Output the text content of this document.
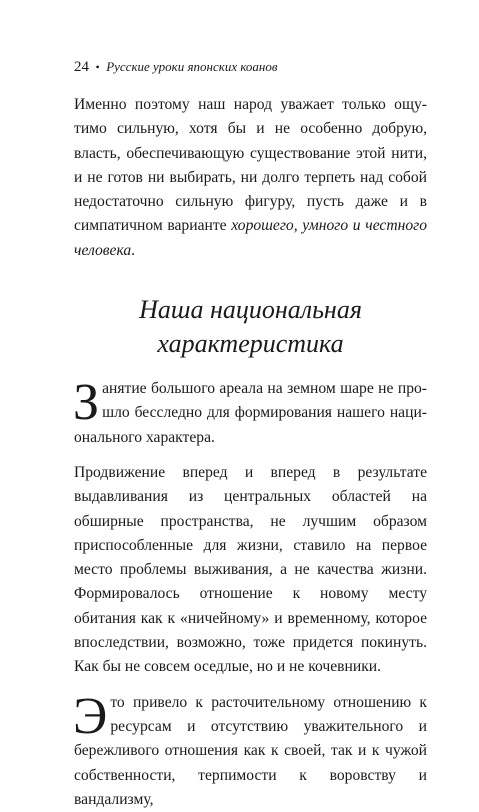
24 • Русские уроки японских коанов

Именно поэтому наш народ уважает только ощутимо сильную, хотя бы и не особенно добрую, власть, обеспечивающую существование этой нити, и не готов ни выбирать, ни долго терпеть над собой недостаточно сильную фигуру, пусть даже и в симпатичном варианте хорошего, умного и честного человека.

Наша национальная
характеристика

Занятие большого ареала на земном шаре не прошло бесследно для формирования нашего национального характера.

Продвижение вперед и вперед в результате выдавливания из центральных областей на обширные пространства, не лучшим образом приспособленные для жизни, ставило на первое место проблемы выживания, а не качества жизни. Формировалось отношение к новому месту обитания как к «ничейному» и временному, которое впоследствии, возможно, тоже придется покинуть. Как бы не совсем оседлые, но и не кочевники.

Это привело к расточительному отношению к ресурсам и отсутствию уважительного и бережливого отношения как к своей, так и к чужой собственности, терпимости к воровству и вандализму,
